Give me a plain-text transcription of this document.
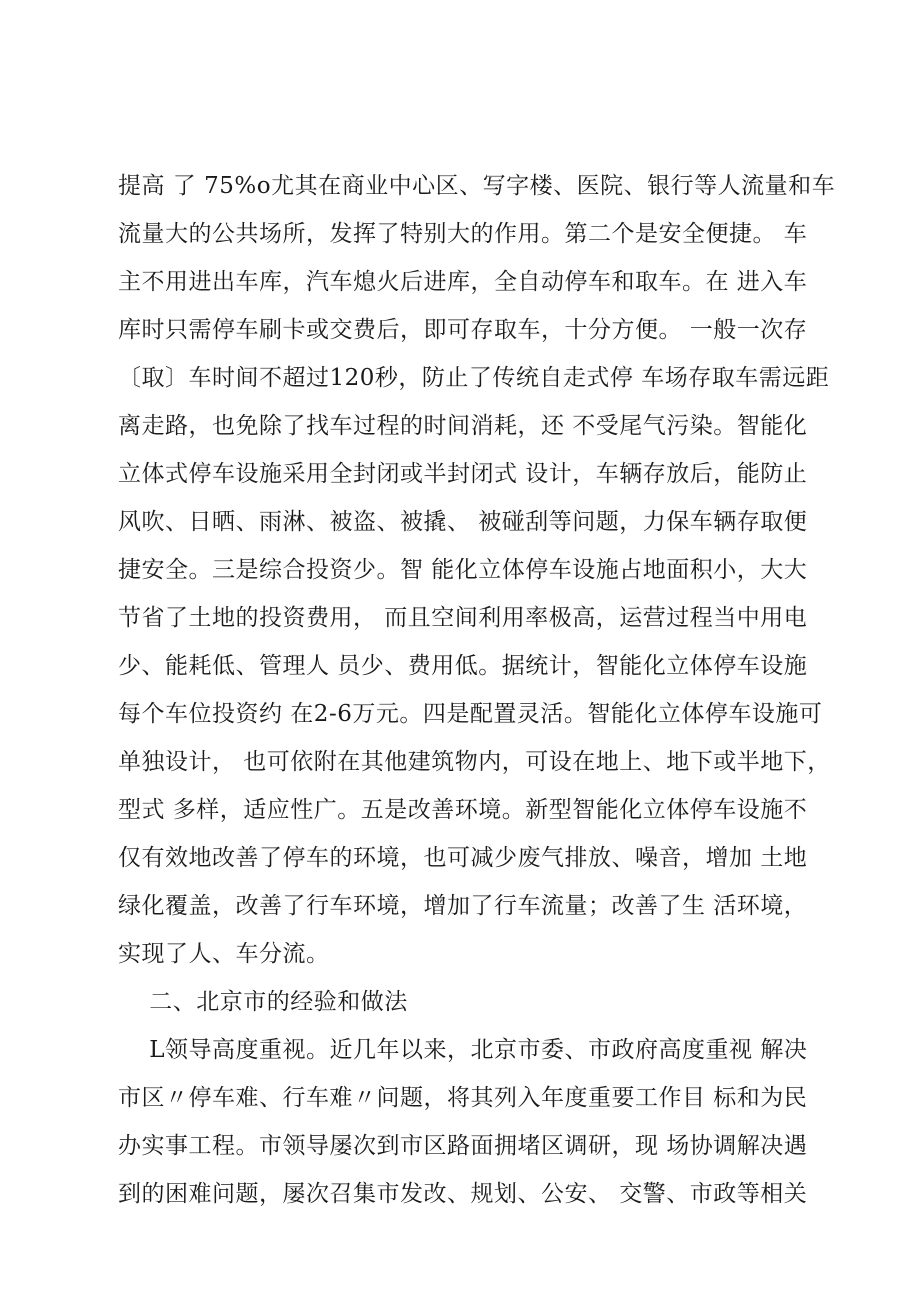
提高 了 75%o尤其在商业中心区、写字楼、医院、银行等人流量和车
流量大的公共场所，发挥了特别大的作用。第二个是安全便捷。 车
主不用进出车库，汽车熄火后进库，全自动停车和取车。在 进入车
库时只需停车刷卡或交费后，即可存取车，十分方便。 一般一次存
〔取〕车时间不超过120秒，防止了传统自走式停 车场存取车需远距
离走路，也免除了找车过程的时间消耗，还 不受尾气污染。智能化
立体式停车设施采用全封闭或半封闭式 设计，车辆存放后，能防止
风吹、日晒、雨淋、被盗、被撬、 被碰刮等问题，力保车辆存取便
捷安全。三是综合投资少。智 能化立体停车设施占地面积小，大大
节省了土地的投资费用， 而且空间利用率极高，运营过程当中用电
少、能耗低、管理人 员少、费用低。据统计，智能化立体停车设施
每个车位投资约 在2-6万元。四是配置灵活。智能化立体停车设施可
单独设计， 也可依附在其他建筑物内，可设在地上、地下或半地下，
型式 多样，适应性广。五是改善环境。新型智能化立体停车设施不
仅有效地改善了停车的环境，也可减少废气排放、噪音，增加 土地
绿化覆盖，改善了行车环境，增加了行车流量；改善了生 活环境，
实现了人、车分流。
二、北京市的经验和做法
L领导高度重视。近几年以来，北京市委、市政府高度重视 解决
市区〃停车难、行车难〃问题，将其列入年度重要工作目 标和为民
办实事工程。市领导屡次到市区路面拥堵区调研，现 场协调解决遇
到的困难问题，屡次召集市发改、规划、公安、 交警、市政等相关
